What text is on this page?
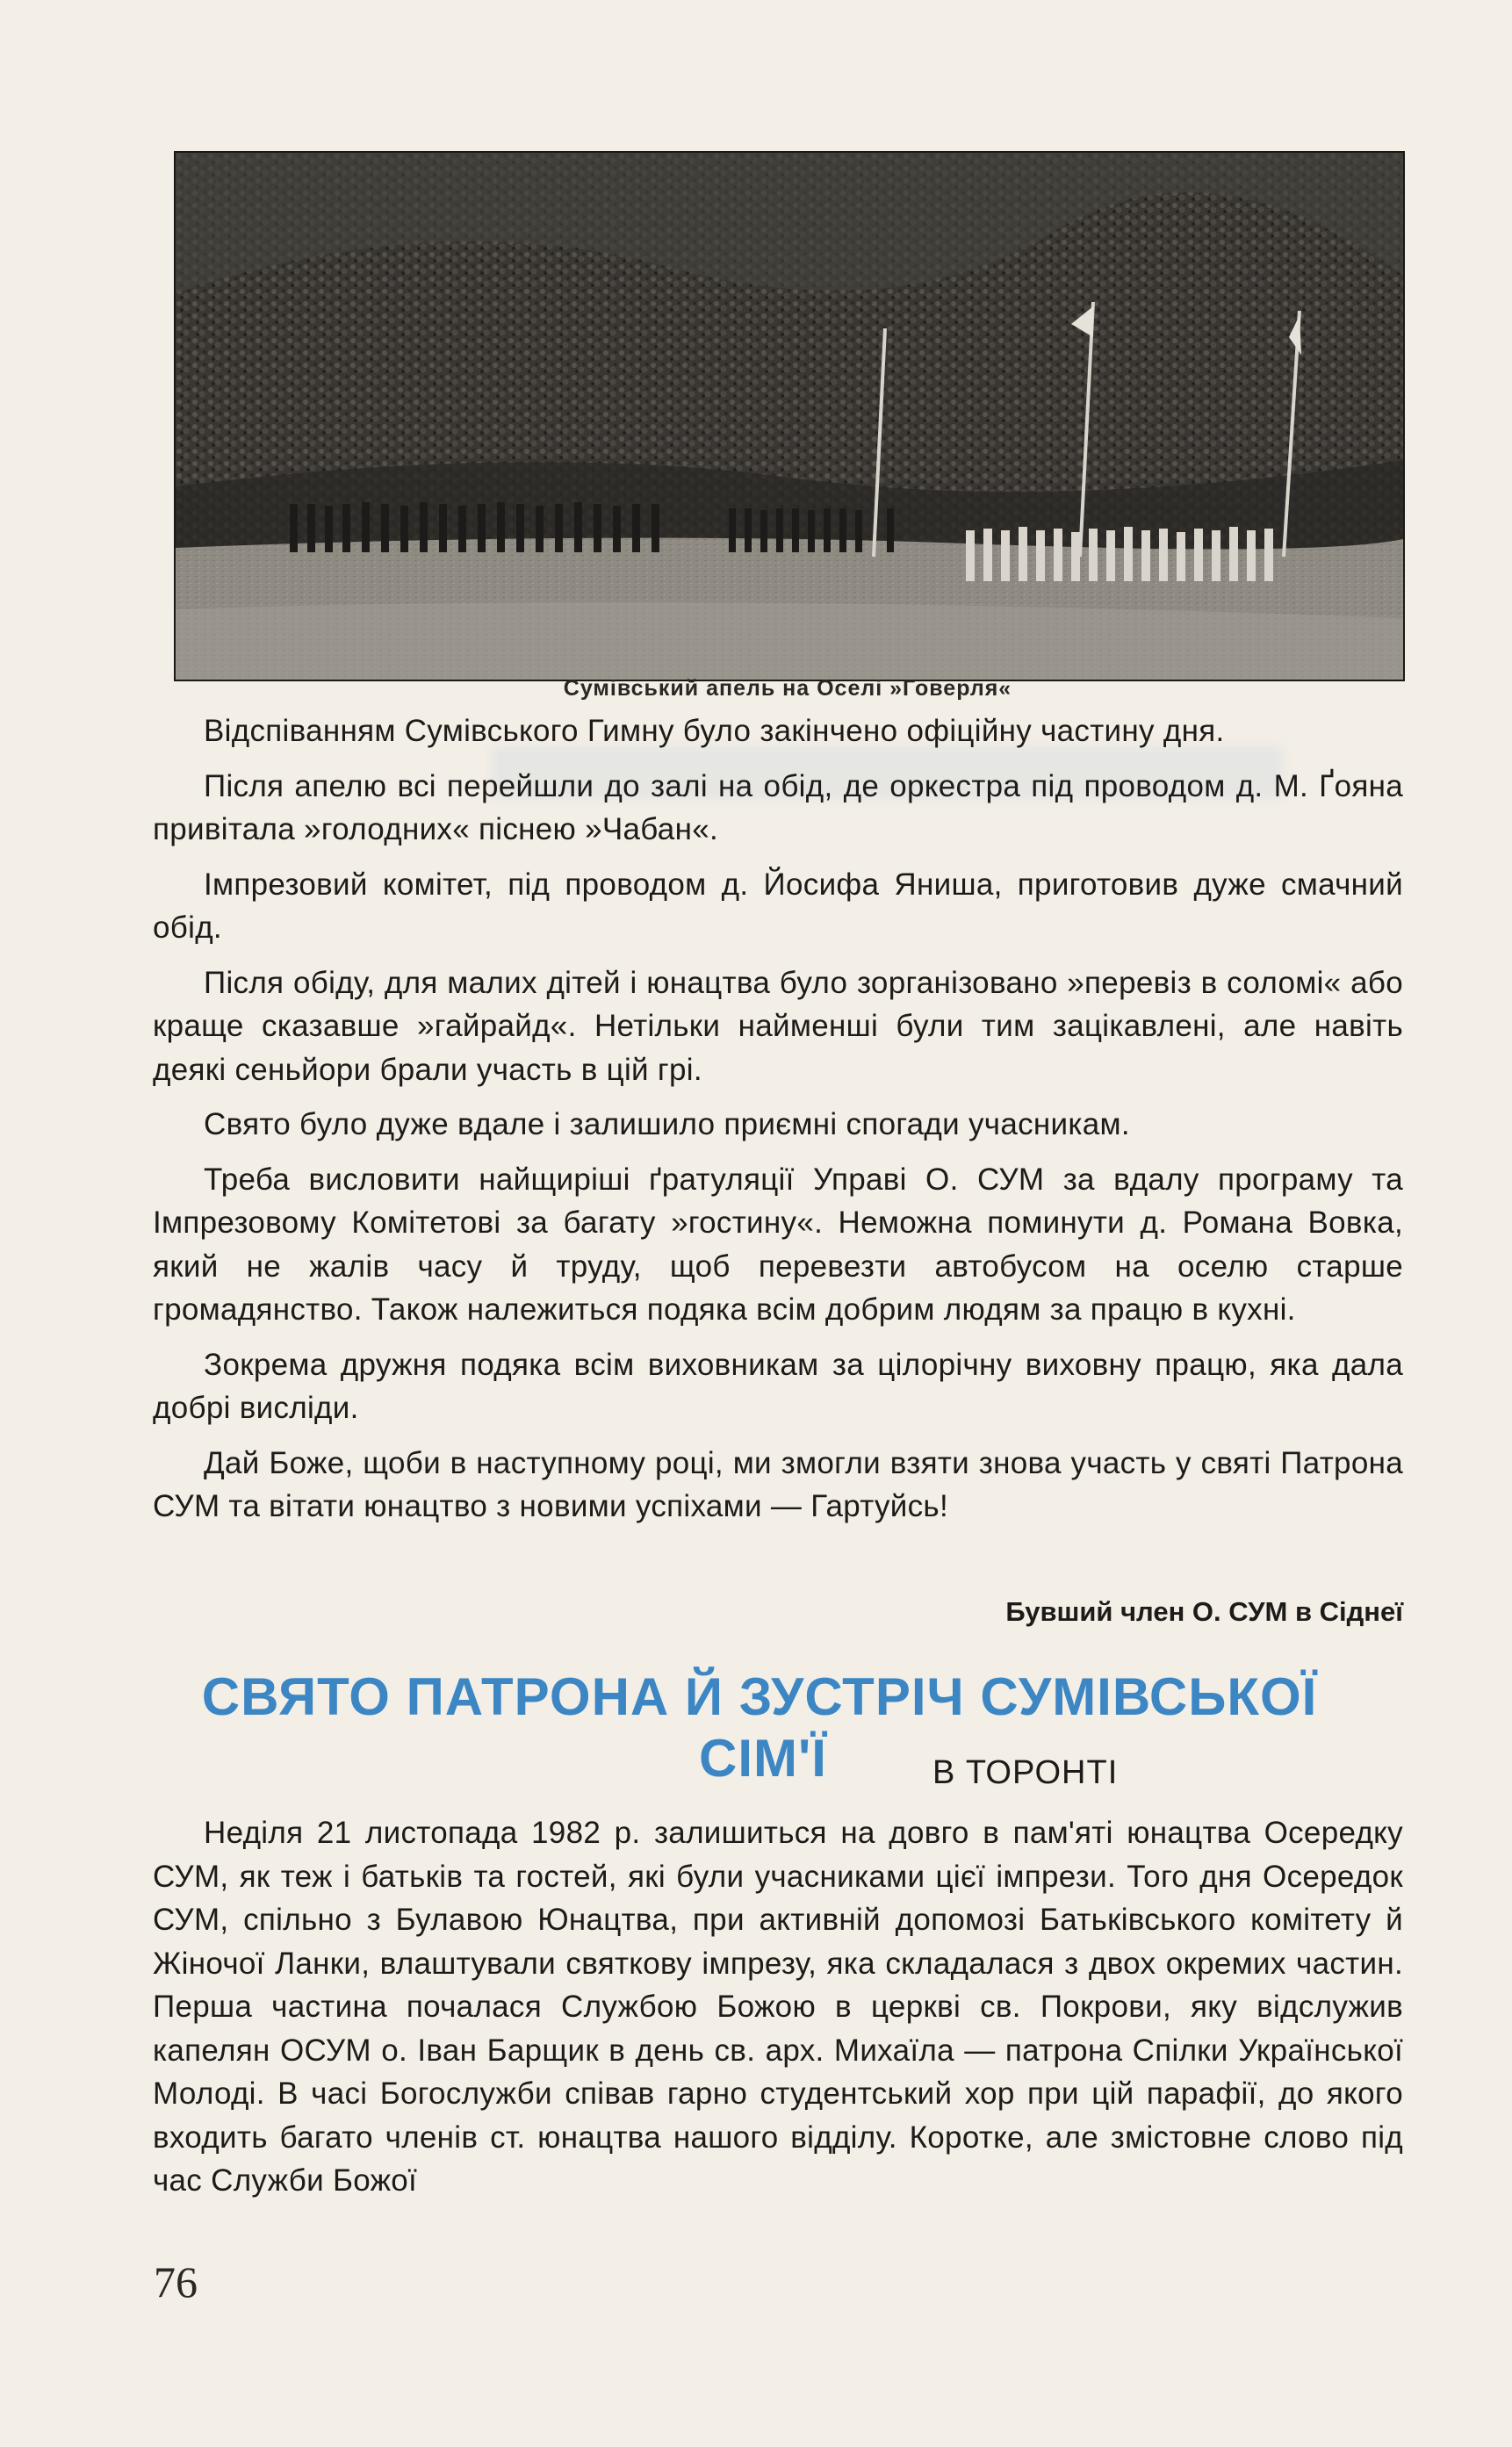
Сумівський апель на Оселі »Говерля«

Відспіванням Сумівського Гимну було закінчено офіційну частину дня.

Після апелю всі перейшли до залі на обід, де оркестра під проводом д. М. Ґояна привітала »голодних« піснею »Чабан«.

Імпрезовий комітет, під проводом д. Йосифа Яниша, приготовив дуже смачний обід.

Після обіду, для малих дітей і юнацтва було зорганізовано »перевіз в соломі« або краще сказавше »гайрайд«. Нетільки найменші були тим зацікавлені, але навіть деякі сеньйори брали участь в цій грі.

Свято було дуже вдале і залишило приємні спогади учасникам.

Треба висловити найщиріші ґратуляції Управі О. СУМ за вдалу програму та Імпрезовому Комітетові за багату »гостину«. Неможна поминути д. Романа Вовка, який не жалів часу й труду, щоб перевезти автобусом на оселю старше громадянство. Також належиться подяка всім добрим людям за працю в кухні.

Зокрема дружня подяка всім виховникам за цілорічну виховну працю, яка дала добрі висліди.

Дай Боже, щоби в наступному році, ми змогли взяти знова участь у святі Патрона СУМ та вітати юнацтво з новими успіхами — Гартуйсь!

Бувший член О. СУМ в Сіднеї
СВЯТО ПАТРОНА Й ЗУСТРІЧ СУМІВСЬКОЇ
СІМ'Ї	В ТОРОНТІ

Неділя 21 листопада 1982 р. залишиться на довго в пам'яті юнацтва Осередку СУМ, як теж і батьків та гостей, які були учасниками цієї імпрези. Того дня Осередок СУМ, спільно з Булавою Юнацтва, при активній допомозі Батьківського комітету й Жіночої Ланки, влаштували святкову імпрезу, яка складалася з двох окремих частин. Перша частина почалася Службою Божою в церкві св. Покрови, яку відслужив капелян ОСУМ о. Іван Барщик в день св. арх. Михаїла — патрона Спілки Української Молоді. В часі Богослужби співав гарно студентський хор при цій парафії, до якого входить багато членів ст. юнацтва нашого відділу. Коротке, але змістовне слово під час Служби Божої

76
